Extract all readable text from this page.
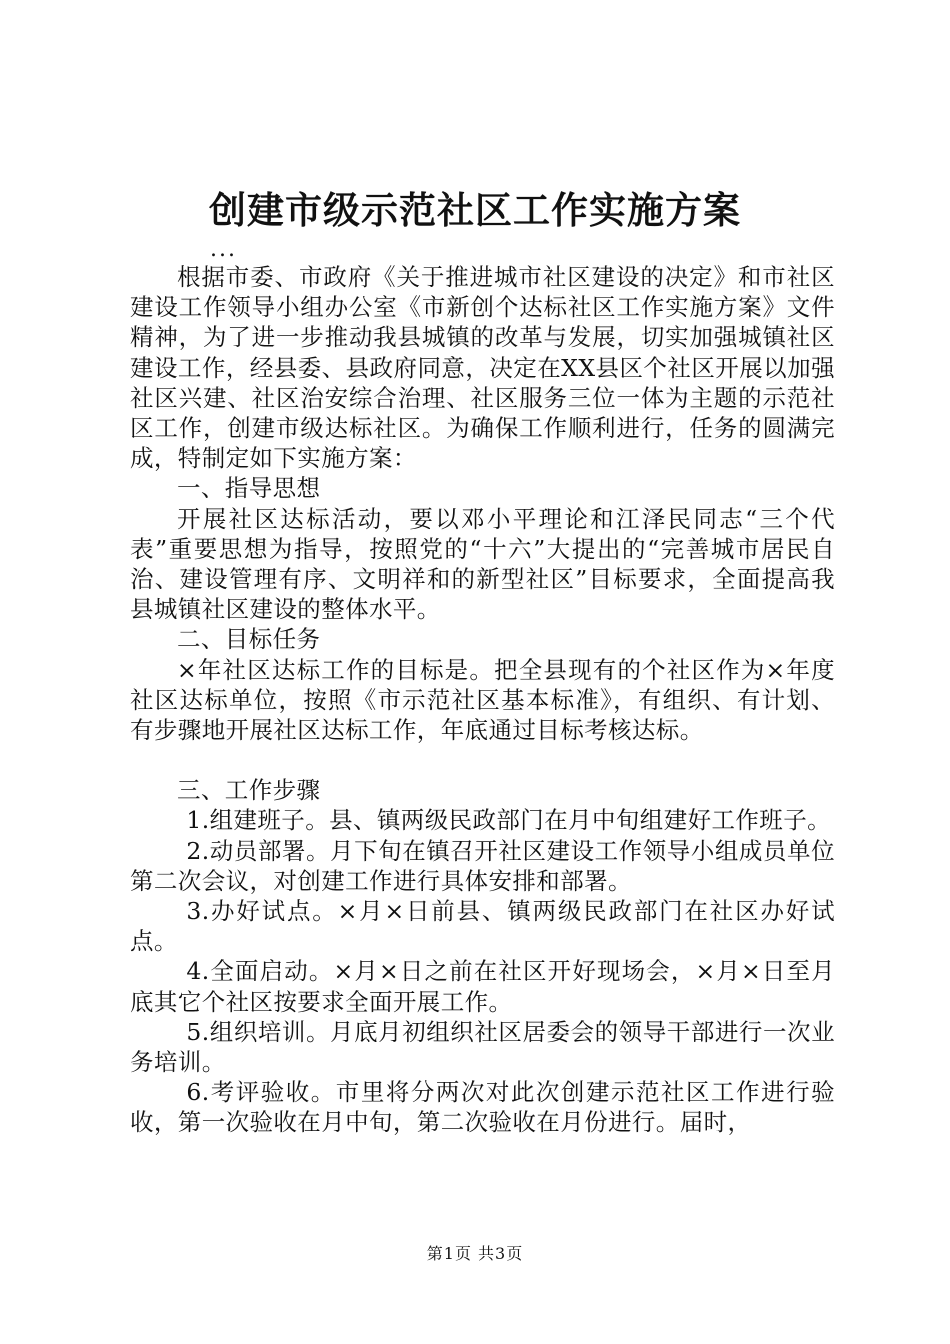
创建市级示范社区工作实施方案
...

根据市委、市政府《关于推进城市社区建设的决定》和市社区建设工作领导小组办公室《市新创个达标社区工作实施方案》文件精神，为了进一步推动我县城镇的改革与发展，切实加强城镇社区建设工作，经县委、县政府同意，决定在XX县区个社区开展以加强社区兴建、社区治安综合治理、社区服务三位一体为主题的示范社区工作，创建市级达标社区。为确保工作顺利进行，任务的圆满完成，特制定如下实施方案：

一、指导思想

开展社区达标活动，要以邓小平理论和江泽民同志“三个代表”重要思想为指导，按照党的“十六”大提出的“完善城市居民自治、建设管理有序、文明祥和的新型社区”目标要求，全面提高我县城镇社区建设的整体水平。

二、目标任务

×年社区达标工作的目标是。把全县现有的个社区作为×年度社区达标单位，按照《市示范社区基本标准》，有组织、有计划、有步骤地开展社区达标工作，年底通过目标考核达标。

三、工作步骤

1.组建班子。县、镇两级民政部门在月中旬组建好工作班子。

2.动员部署。月下旬在镇召开社区建设工作领导小组成员单位第二次会议，对创建工作进行具体安排和部署。

3.办好试点。×月×日前县、镇两级民政部门在社区办好试点。

4.全面启动。×月×日之前在社区开好现场会，×月×日至月底其它个社区按要求全面开展工作。

5.组织培训。月底月初组织社区居委会的领导干部进行一次业务培训。

6.考评验收。市里将分两次对此次创建示范社区工作进行验收，第一次验收在月中旬，第二次验收在月份进行。届时，

第1页 共3页
